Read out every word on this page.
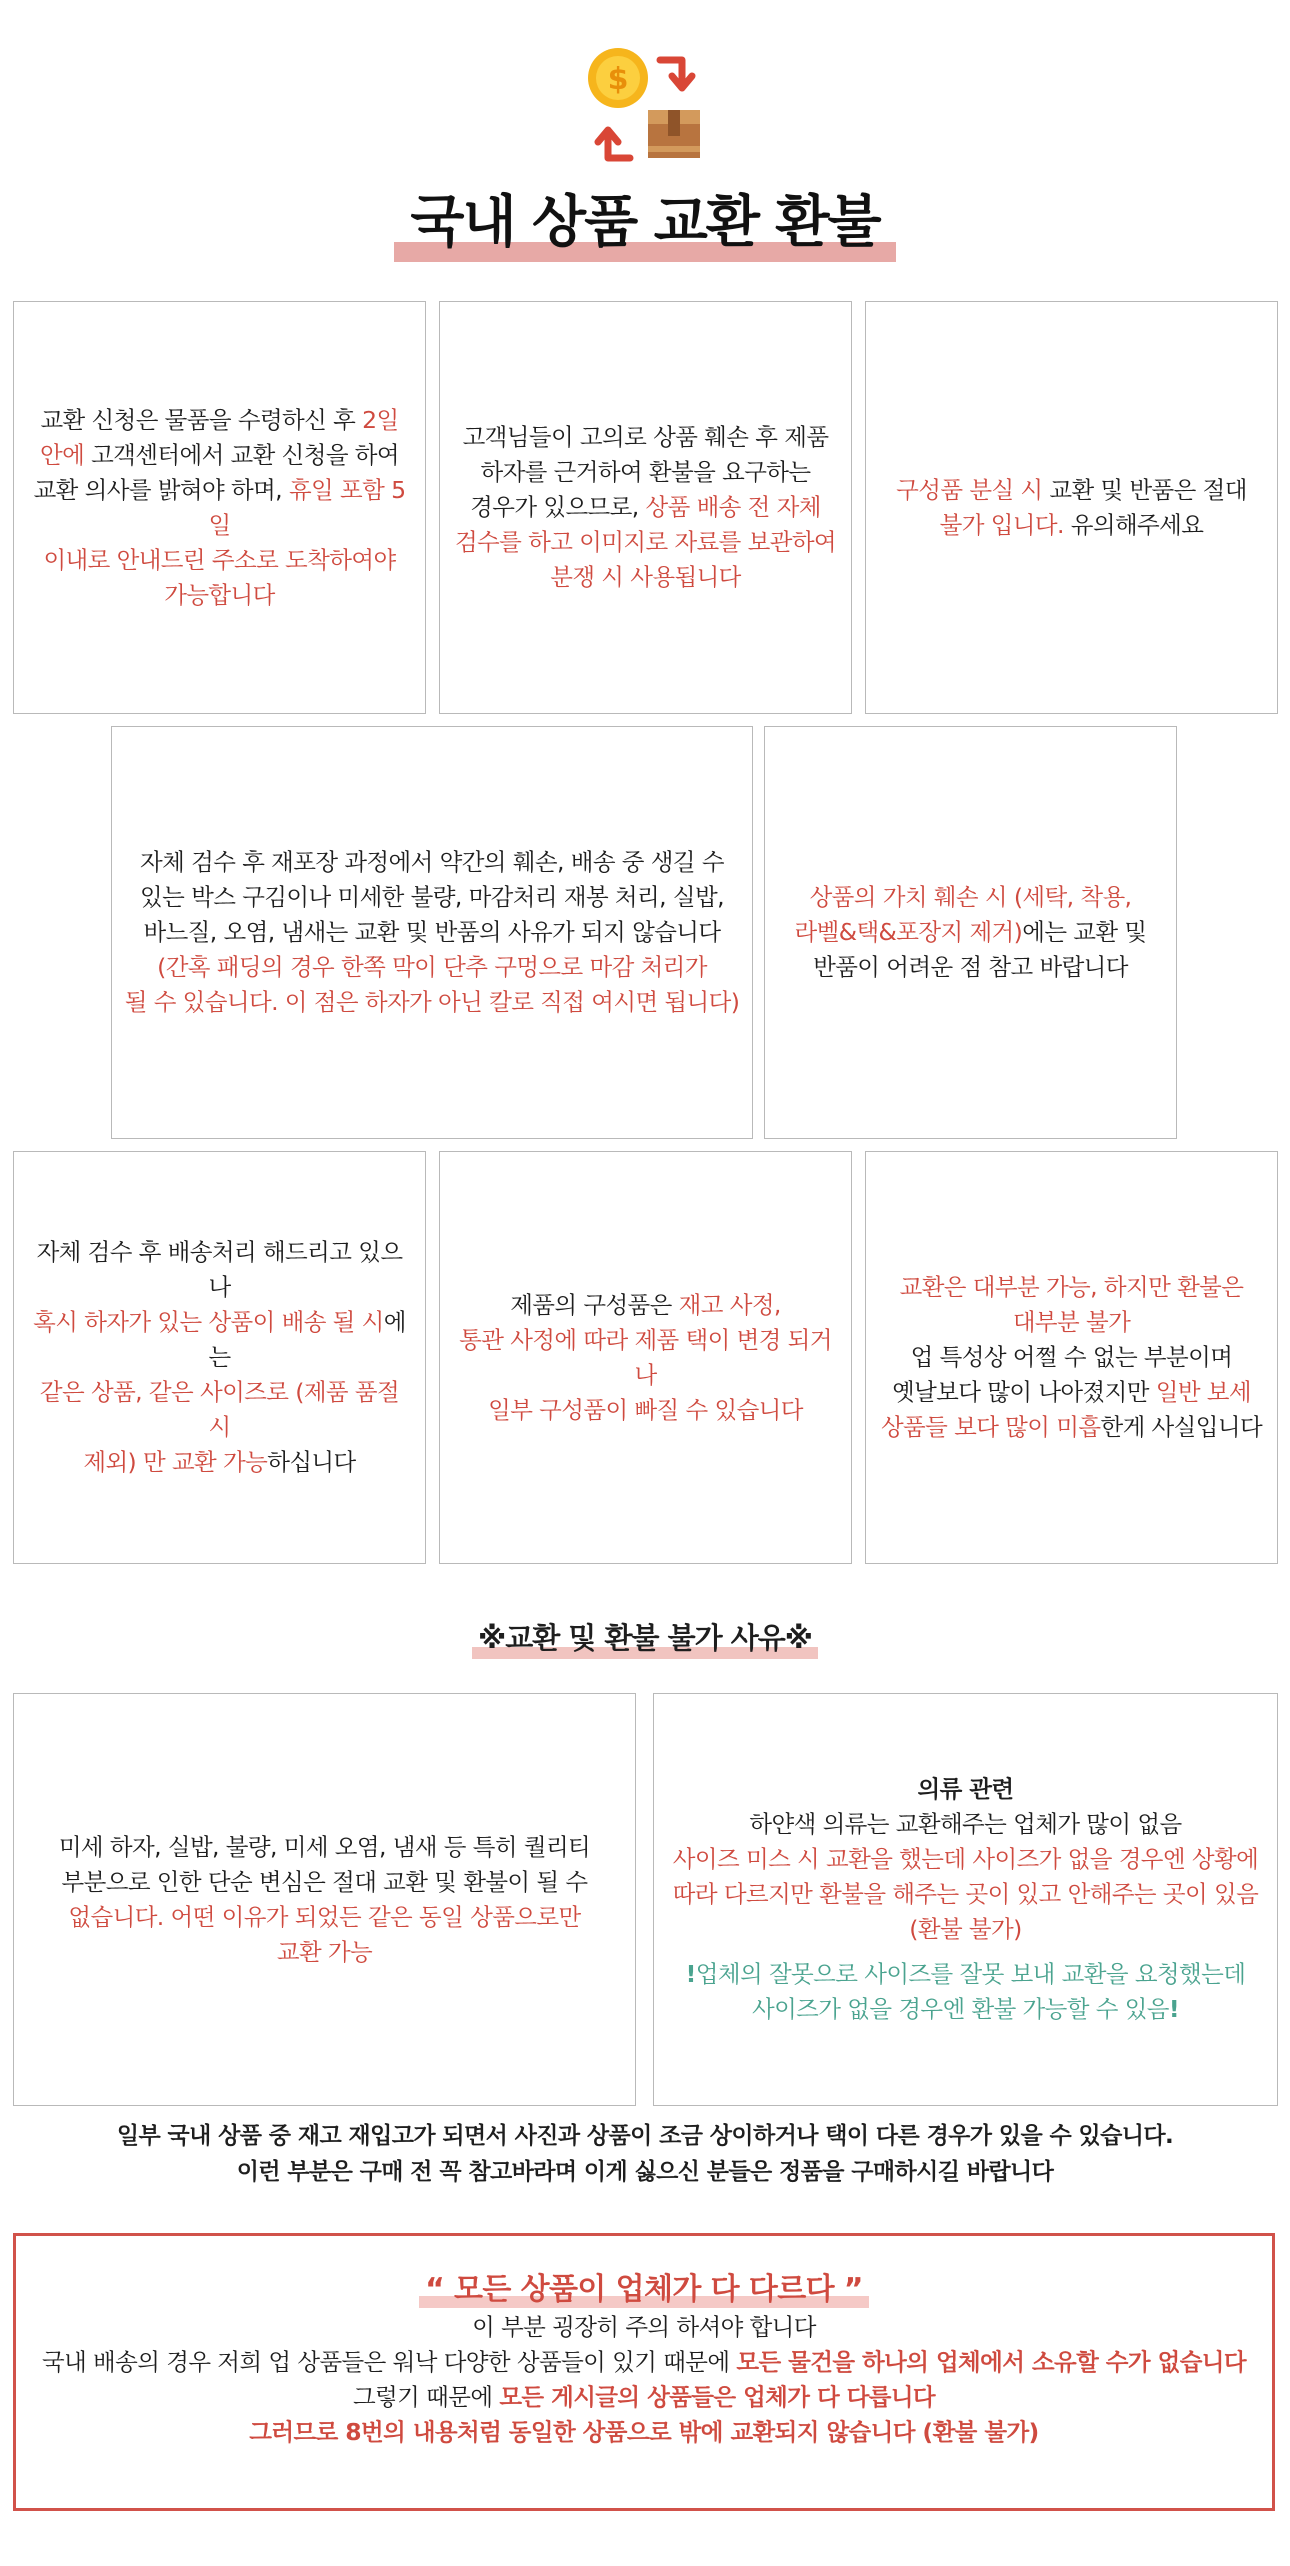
$
국내 상품 교환 환불
교환 신청은 물품을 수령하신 후 2일
안에 고객센터에서 교환 신청을 하여
교환 의사를 밝혀야 하며, 휴일 포함 5일
이내로 안내드린 주소로 도착하여야
가능합니다
고객님들이 고의로 상품 훼손 후 제품
하자를 근거하여 환불을 요구하는
경우가 있으므로, 상품 배송 전 자체
검수를 하고 이미지로 자료를 보관하여
분쟁 시 사용됩니다
구성품 분실 시 교환 및 반품은 절대
불가 입니다. 유의해주세요
자체 검수 후 재포장 과정에서 약간의 훼손, 배송 중 생길 수
있는 박스 구김이나 미세한 불량, 마감처리 재봉 처리, 실밥,
바느질, 오염, 냄새는 교환 및 반품의 사유가 되지 않습니다
(간혹 패딩의 경우 한쪽 막이 단추 구멍으로 마감 처리가
될 수 있습니다. 이 점은 하자가 아닌 칼로 직접 여시면 됩니다)
상품의 가치 훼손 시 (세탁, 착용,
라벨&택&포장지 제거)에는 교환 및
반품이 어려운 점 참고 바랍니다
자체 검수 후 배송처리 해드리고 있으나
혹시 하자가 있는 상품이 배송 될 시에는
같은 상품, 같은 사이즈로 (제품 품절 시
제외) 만 교환 가능하십니다
제품의 구성품은 재고 사정,
통관 사정에 따라 제품 택이 변경 되거나
일부 구성품이 빠질 수 있습니다
교환은 대부분 가능, 하지만 환불은
대부분 불가
업 특성상 어쩔 수 없는 부분이며
옛날보다 많이 나아졌지만 일반 보세
상품들 보다 많이 미흡한게 사실입니다
※교환 및 환불 불가 사유※
미세 하자, 실밥, 불량, 미세 오염, 냄새 등 특히 퀄리티
부분으로 인한 단순 변심은 절대 교환 및 환불이 될 수
없습니다. 어떤 이유가 되었든 같은 동일 상품으로만
교환 가능
의류 관련
하얀색 의류는 교환해주는 업체가 많이 없음
사이즈 미스 시 교환을 했는데 사이즈가 없을 경우엔 상황에
따라 다르지만 환불을 해주는 곳이 있고 안해주는 곳이 있음
(환불 불가)
!업체의 잘못으로 사이즈를 잘못 보내 교환을 요청했는데
사이즈가 없을 경우엔 환불 가능할 수 있음!

일부 국내 상품 중 재고 재입고가 되면서 사진과 상품이 조금 상이하거나 택이 다른 경우가 있을 수 있습니다.

이런 부분은 구매 전 꼭 참고바라며 이게 싫으신 분들은 정품을 구매하시길 바랍니다

“ 모든 상품이 업체가 다 다르다 ”

이 부분 굉장히 주의 하셔야 합니다

국내 배송의 경우 저희 업 상품들은 워낙 다양한 상품들이 있기 때문에 모든 물건을 하나의 업체에서 소유할 수가 없습니다

그렇기 때문에 모든 게시글의 상품들은 업체가 다 다릅니다

그러므로 8번의 내용처럼 동일한 상품으로 밖에 교환되지 않습니다 (환불 불가)
